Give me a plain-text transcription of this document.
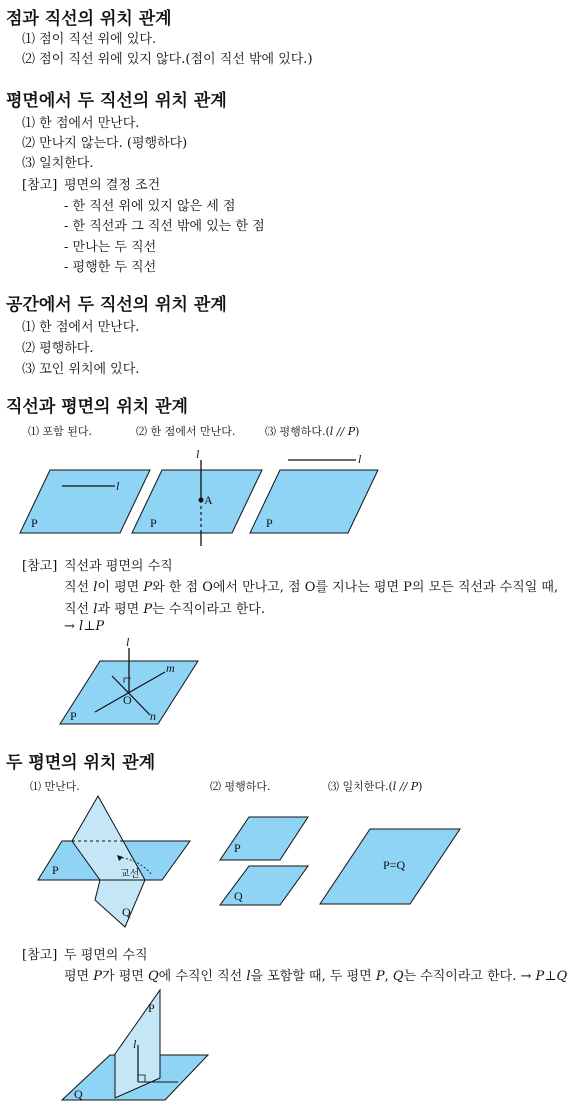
점과 직선의 위치 관계
⑴ 점이 직선 위에 있다.
⑵ 점이 직선 위에 있지 않다.(점이 직선 밖에 있다.)
평면에서 두 직선의 위치 관계
⑴ 한 점에서 만난다.
⑵ 만나지 않는다. (평행하다)
⑶ 일치한다.
[참고] 평면의 결정 조건
- 한 직선 위에 있지 않은 세 점
- 한 직선과 그 직선 밖에 있는 한 점
- 만나는 두 직선
- 평행한 두 직선
공간에서 두 직선의 위치 관계
⑴ 한 점에서 만난다.
⑵ 평행하다.
⑶ 꼬인 위치에 있다.
직선과 평면의 위치 관계
⑴ 포함 된다.	⑵ 한 점에서 만난다.	⑶ 평행하다.(l // P)
[참고] 직선과 평면의 수직
직선 l이 평면 P와 한 점 O에서 만나고, 점 O를 지나는 평면 P의 모든 직선과 수직일 때,
직선 l과 평면 P는 수직이라고 한다.
→ l⊥P
두 평면의 위치 관계
⑴ 만난다.	⑵ 평행하다.	⑶ 일치한다.(l // P)
[참고] 두 평면의 수직
평면 P가 평면 Q에 수직인 직선 l을 포함할 때, 두 평면 P, Q는 수직이라고 한다. → P⊥Q
l
P
l
A
P
l
P
l
m
O
n
P
P
Q
교선
P
Q
P=Q
P
l
Q
